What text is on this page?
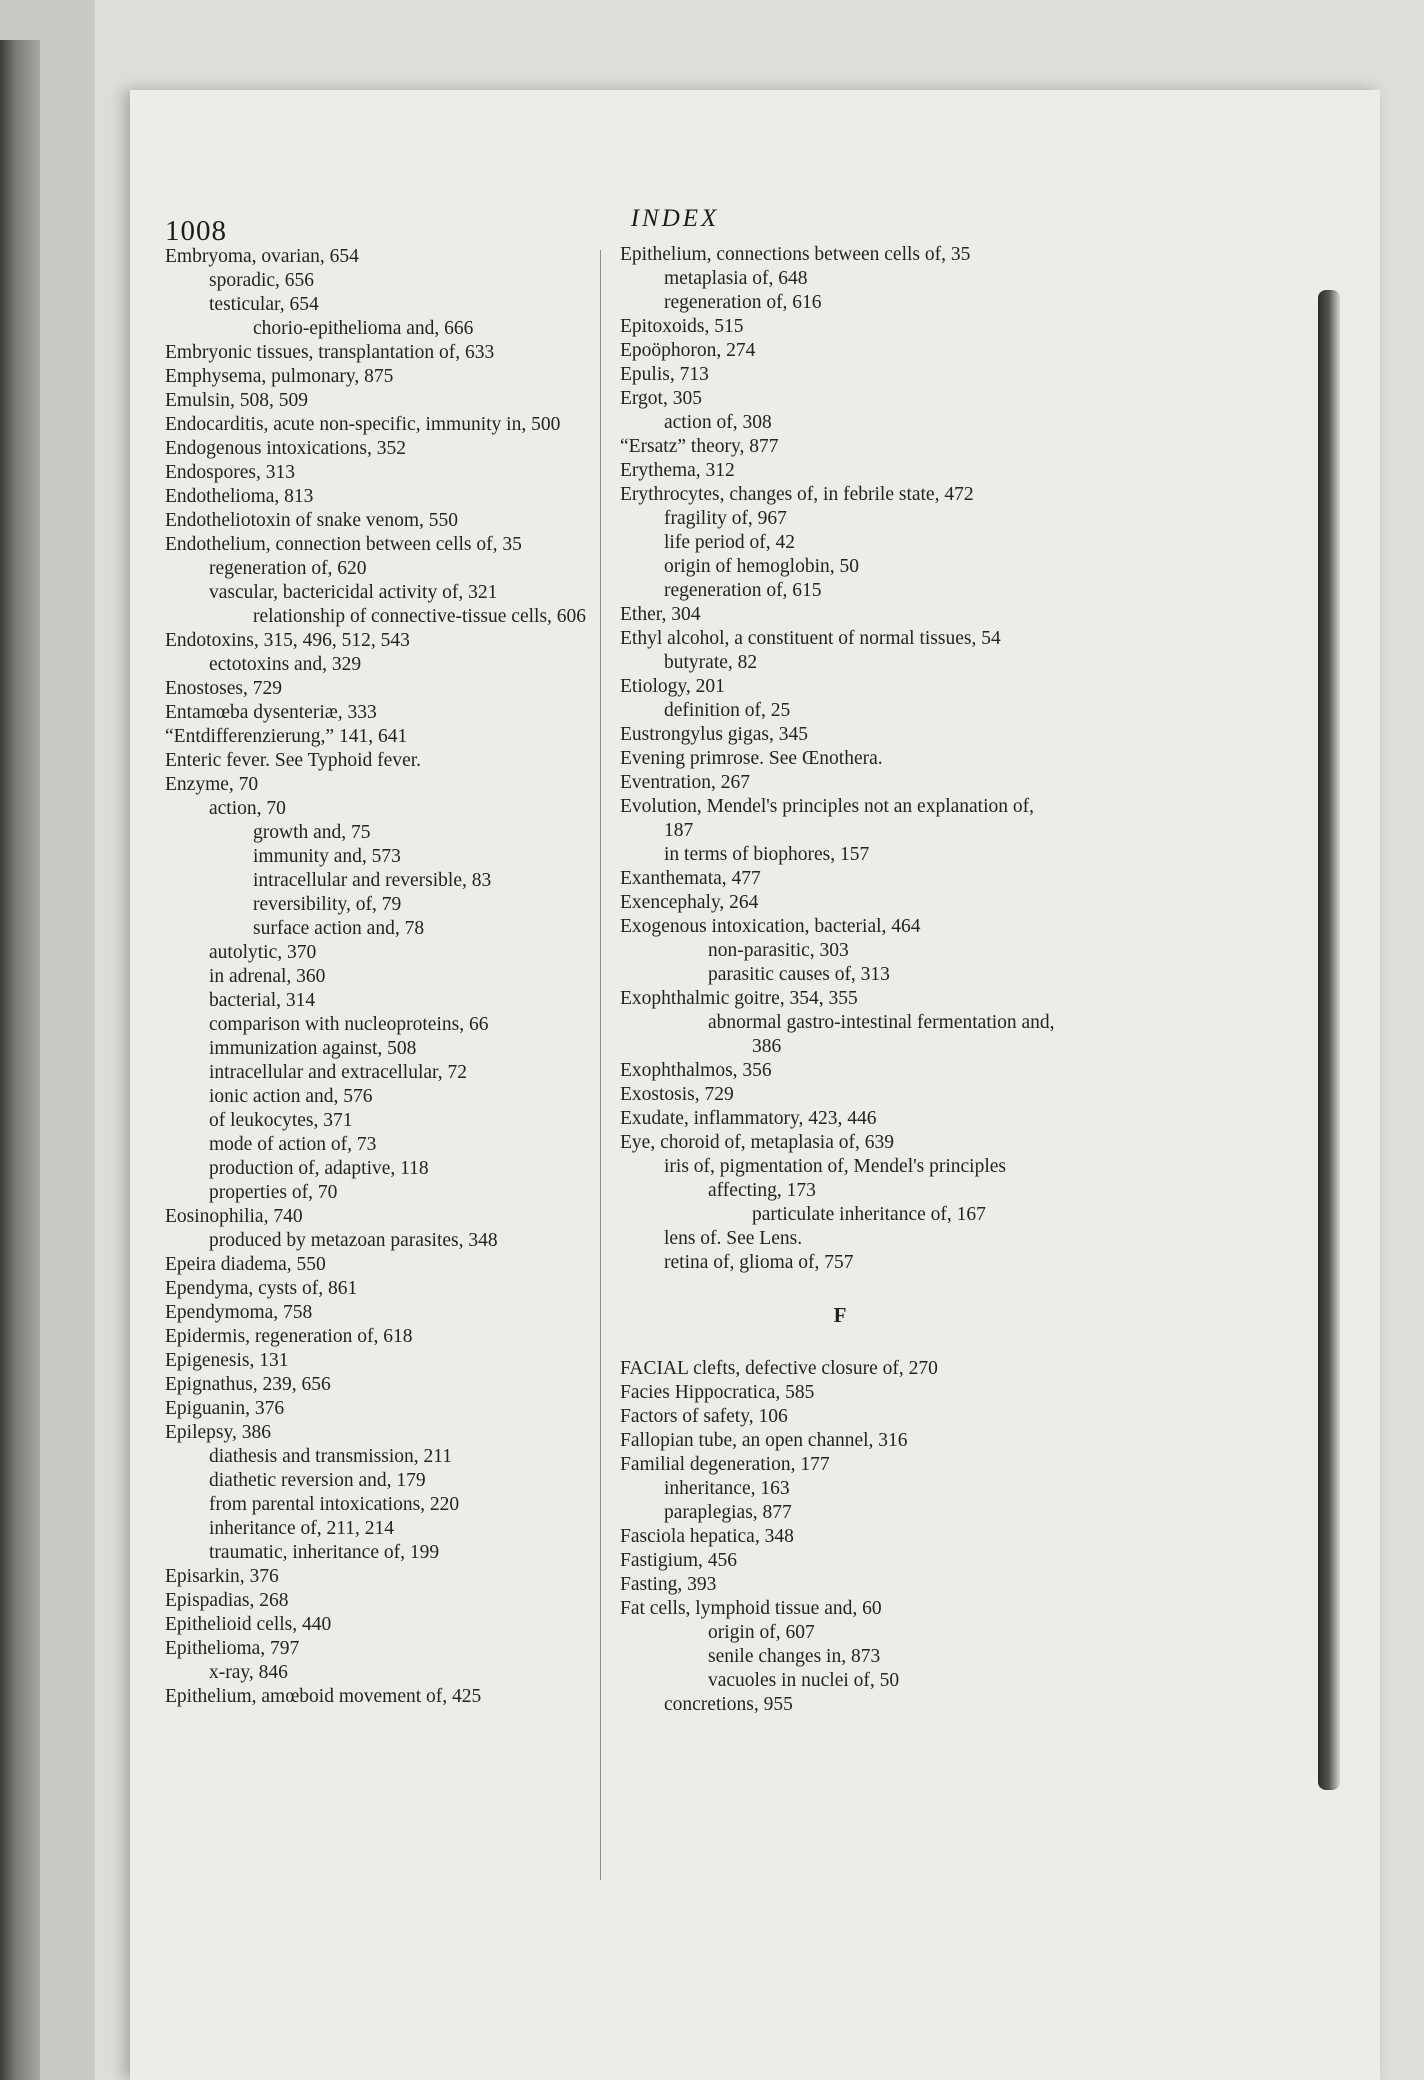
1008	INDEX
Embryoma, ovarian, 654
sporadic, 656
testicular, 654
chorio-epithelioma and, 666
Embryonic tissues, transplantation of, 633
Emphysema, pulmonary, 875
Emulsin, 508, 509
Endocarditis, acute non-specific, immunity in, 500
Endogenous intoxications, 352
Endospores, 313
Endothelioma, 813
Endotheliotoxin of snake venom, 550
Endothelium, connection between cells of, 35
regeneration of, 620
vascular, bactericidal activity of, 321
relationship of connective-tissue cells, 606
Endotoxins, 315, 496, 512, 543
ectotoxins and, 329
Enostoses, 729
Entamœba dysenteriæ, 333
“Entdifferenzierung,” 141, 641
Enteric fever. See Typhoid fever.
Enzyme, 70
action, 70
growth and, 75
immunity and, 573
intracellular and reversible, 83
reversibility, of, 79
surface action and, 78
autolytic, 370
in adrenal, 360
bacterial, 314
comparison with nucleoproteins, 66
immunization against, 508
intracellular and extracellular, 72
ionic action and, 576
of leukocytes, 371
mode of action of, 73
production of, adaptive, 118
properties of, 70
Eosinophilia, 740
produced by metazoan parasites, 348
Epeira diadema, 550
Ependyma, cysts of, 861
Ependymoma, 758
Epidermis, regeneration of, 618
Epigenesis, 131
Epignathus, 239, 656
Epiguanin, 376
Epilepsy, 386
diathesis and transmission, 211
diathetic reversion and, 179
from parental intoxications, 220
inheritance of, 211, 214
traumatic, inheritance of, 199
Episarkin, 376
Epispadias, 268
Epithelioid cells, 440
Epithelioma, 797
x-ray, 846
Epithelium, amœboid movement of, 425
Epithelium, connections between cells of, 35
metaplasia of, 648
regeneration of, 616
Epitoxoids, 515
Epoöphoron, 274
Epulis, 713
Ergot, 305
action of, 308
“Ersatz” theory, 877
Erythema, 312
Erythrocytes, changes of, in febrile state, 472
fragility of, 967
life period of, 42
origin of hemoglobin, 50
regeneration of, 615
Ether, 304
Ethyl alcohol, a constituent of normal tissues, 54
butyrate, 82
Etiology, 201
definition of, 25
Eustrongylus gigas, 345
Evening primrose. See Œnothera.
Eventration, 267
Evolution, Mendel's principles not an explanation of, 187
in terms of biophores, 157
Exanthemata, 477
Exencephaly, 264
Exogenous intoxication, bacterial, 464
non-parasitic, 303
parasitic causes of, 313
Exophthalmic goitre, 354, 355
abnormal gastro-intestinal fermentation and, 386
Exophthalmos, 356
Exostosis, 729
Exudate, inflammatory, 423, 446
Eye, choroid of, metaplasia of, 639
iris of, pigmentation of, Mendel's principles affecting, 173
particulate inheritance of, 167
lens of. See Lens.
retina of, glioma of, 757
F
FACIAL clefts, defective closure of, 270
Facies Hippocratica, 585
Factors of safety, 106
Fallopian tube, an open channel, 316
Familial degeneration, 177
inheritance, 163
paraplegias, 877
Fasciola hepatica, 348
Fastigium, 456
Fasting, 393
Fat cells, lymphoid tissue and, 60
origin of, 607
senile changes in, 873
vacuoles in nuclei of, 50
concretions, 955
